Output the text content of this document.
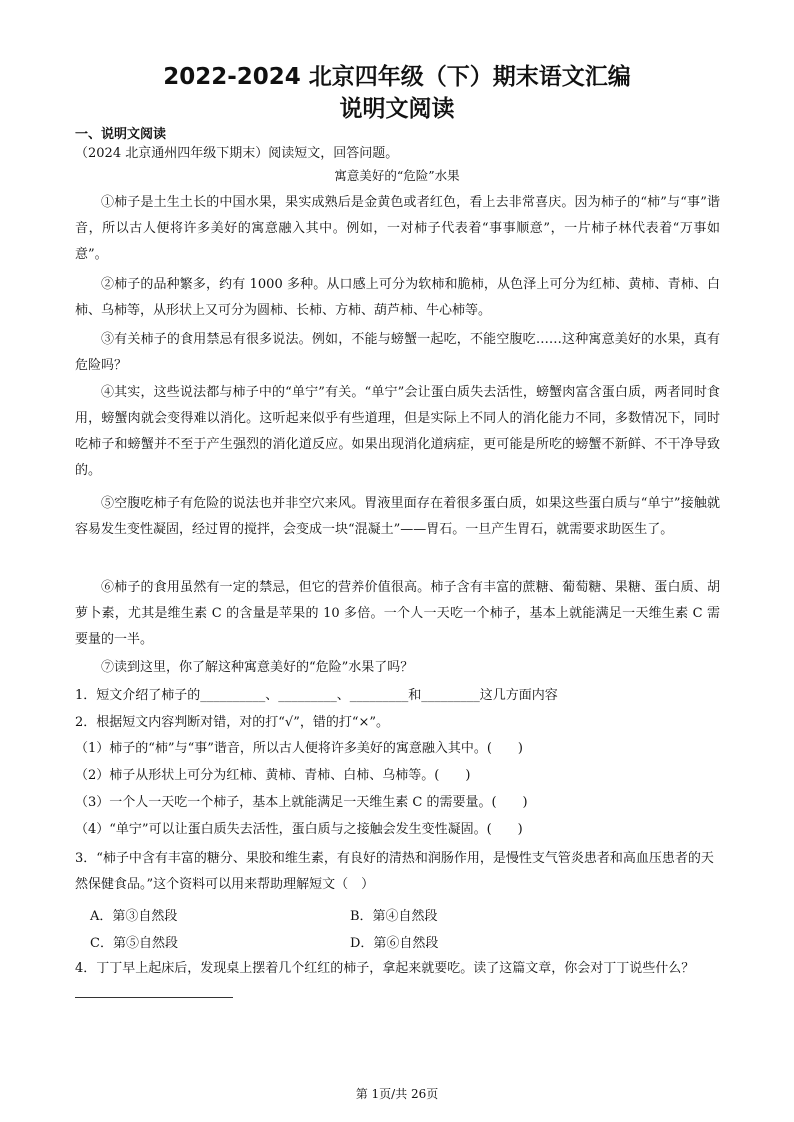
2022-2024 北京四年级（下）期末语文汇编
说明文阅读
一、说明文阅读
（2024 北京通州四年级下期末）阅读短文，回答问题。
寓意美好的“危险”水果
①柿子是土生土长的中国水果，果实成熟后是金黄色或者红色，看上去非常喜庆。因为柿子的“柿”与“事”谐音，所以古人便将许多美好的寓意融入其中。例如，一对柿子代表着“事事顺意”，一片柿子林代表着“万事如意”。
②柿子的品种繁多，约有 1000 多种。从口感上可分为软柿和脆柿，从色泽上可分为红柿、黄柿、青柿、白柿、乌柿等，从形状上又可分为圆柿、长柿、方柿、葫芦柿、牛心柿等。
③有关柿子的食用禁忌有很多说法。例如，不能与螃蟹一起吃，不能空腹吃……这种寓意美好的水果，真有危险吗？
④其实，这些说法都与柿子中的“单宁”有关。“单宁”会让蛋白质失去活性，螃蟹肉富含蛋白质，两者同时食用，螃蟹肉就会变得难以消化。这听起来似乎有些道理，但是实际上不同人的消化能力不同，多数情况下，同时吃柿子和螃蟹并不至于产生强烈的消化道反应。如果出现消化道病症，更可能是所吃的螃蟹不新鲜、不干净导致的。
⑤空腹吃柿子有危险的说法也并非空穴来风。胃液里面存在着很多蛋白质，如果这些蛋白质与“单宁”接触就容易发生变性凝固，经过胃的搅拌，会变成一块“混凝土”——胃石。一旦产生胃石，就需要求助医生了。
⑥柿子的食用虽然有一定的禁忌，但它的营养价值很高。柿子含有丰富的蔗糖、葡萄糖、果糖、蛋白质、胡萝卜素，尤其是维生素 C 的含量是苹果的 10 多倍。一个人一天吃一个柿子，基本上就能满足一天维生素 C 需要量的一半。
⑦读到这里，你了解这种寓意美好的“危险”水果了吗？
1．短文介绍了柿子的__________、_________、_________和_________这几方面内容
2．根据短文内容判断对错，对的打“√”，错的打“×”。
（1）柿子的“柿”与“事”谐音，所以古人便将许多美好的寓意融入其中。(　　)
（2）柿子从形状上可分为红柿、黄柿、青柿、白柿、乌柿等。(　　)
（3）一个人一天吃一个柿子，基本上就能满足一天维生素 C 的需要量。(　　)
（4）“单宁”可以让蛋白质失去活性，蛋白质与之接触会发生变性凝固。(　　)
3．“柿子中含有丰富的糖分、果胶和维生素，有良好的清热和润肠作用，是慢性支气管炎患者和高血压患者的天然保健食品。”这个资料可以用来帮助理解短文（　）
A．第③自然段	B．第④自然段
C．第⑤自然段	D．第⑥自然段
4．丁丁早上起床后，发现桌上摆着几个红红的柿子，拿起来就要吃。读了这篇文章，你会对丁丁说些什么？
第 1页/共 26页
